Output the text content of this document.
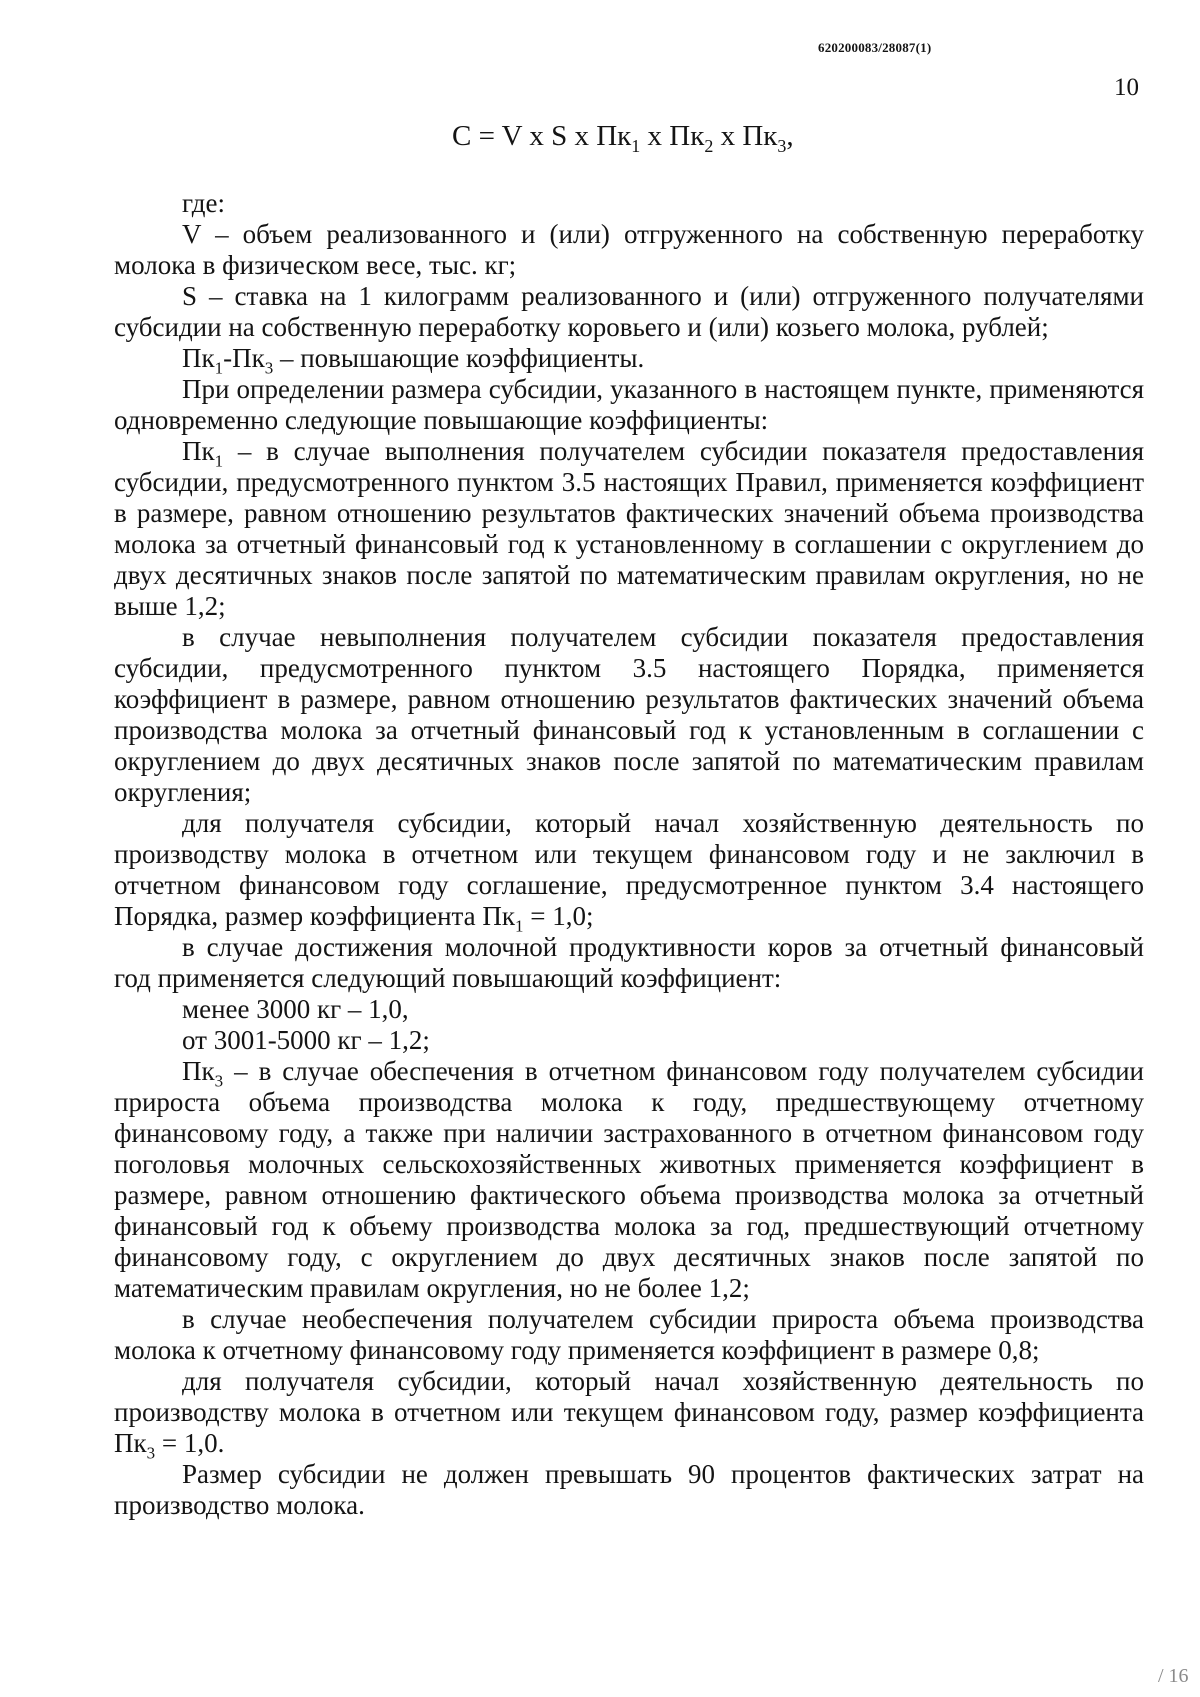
620200083/28087(1)
10
C = V x S x $Пк_1$ x $Пк_2$ x $Пк_3$,

где:

V – объем реализованного и (или) отгруженного на собственную переработку молока в физическом весе, тыс. кг;

S – ставка на 1 килограмм реализованного и (или) отгруженного получателями субсидии на собственную переработку коровьего и (или) козьего молока, рублей;

$Пк_1-Пк_3$ – повышающие коэффициенты.

При определении размера субсидии, указанного в настоящем пункте, применяются одновременно следующие повышающие коэффициенты:

$Пк_1$ – в случае выполнения получателем субсидии показателя предоставления субсидии, предусмотренного пунктом 3.5 настоящих Правил, применяется коэффициент в размере, равном отношению результатов фактических значений объема производства молока за отчетный финансовый год к установленному в соглашении с округлением до двух десятичных знаков после запятой по математическим правилам округления, но не выше 1,2;

в случае невыполнения получателем субсидии показателя предоставления субсидии, предусмотренного пунктом 3.5 настоящего Порядка, применяется коэффициент в размере, равном отношению результатов фактических значений объема производства молока за отчетный финансовый год к установленным в соглашении с округлением до двух десятичных знаков после запятой по математическим правилам округления;

для получателя субсидии, который начал хозяйственную деятельность по производству молока в отчетном или текущем финансовом году и не заключил в отчетном финансовом году соглашение, предусмотренное пунктом 3.4 настоящего Порядка, размер коэффициента $Пк_1 = 1,0$;

в случае достижения молочной продуктивности коров за отчетный финансовый год применяется следующий повышающий коэффициент:

менее 3000 кг – 1,0,

от 3001-5000 кг – 1,2;

$Пк_3$ – в случае обеспечения в отчетном финансовом году получателем субсидии прироста объема производства молока к году, предшествующему отчетному финансовому году, а также при наличии застрахованного в отчетном финансовом году поголовья молочных сельскохозяйственных животных применяется коэффициент в размере, равном отношению фактического объема производства молока за отчетный финансовый год к объему производства молока за год, предшествующий отчетному финансовому году, с округлением до двух десятичных знаков после запятой по математическим правилам округления, но не более 1,2;

в случае необеспечения получателем субсидии прироста объема производства молока к отчетному финансовому году применяется коэффициент в размере 0,8;

для получателя субсидии, который начал хозяйственную деятельность по производству молока в отчетном или текущем финансовом году, размер коэффициента $Пк_3 = 1,0$.

Размер субсидии не должен превышать 90 процентов фактических затрат на производство молока.

/ 16
